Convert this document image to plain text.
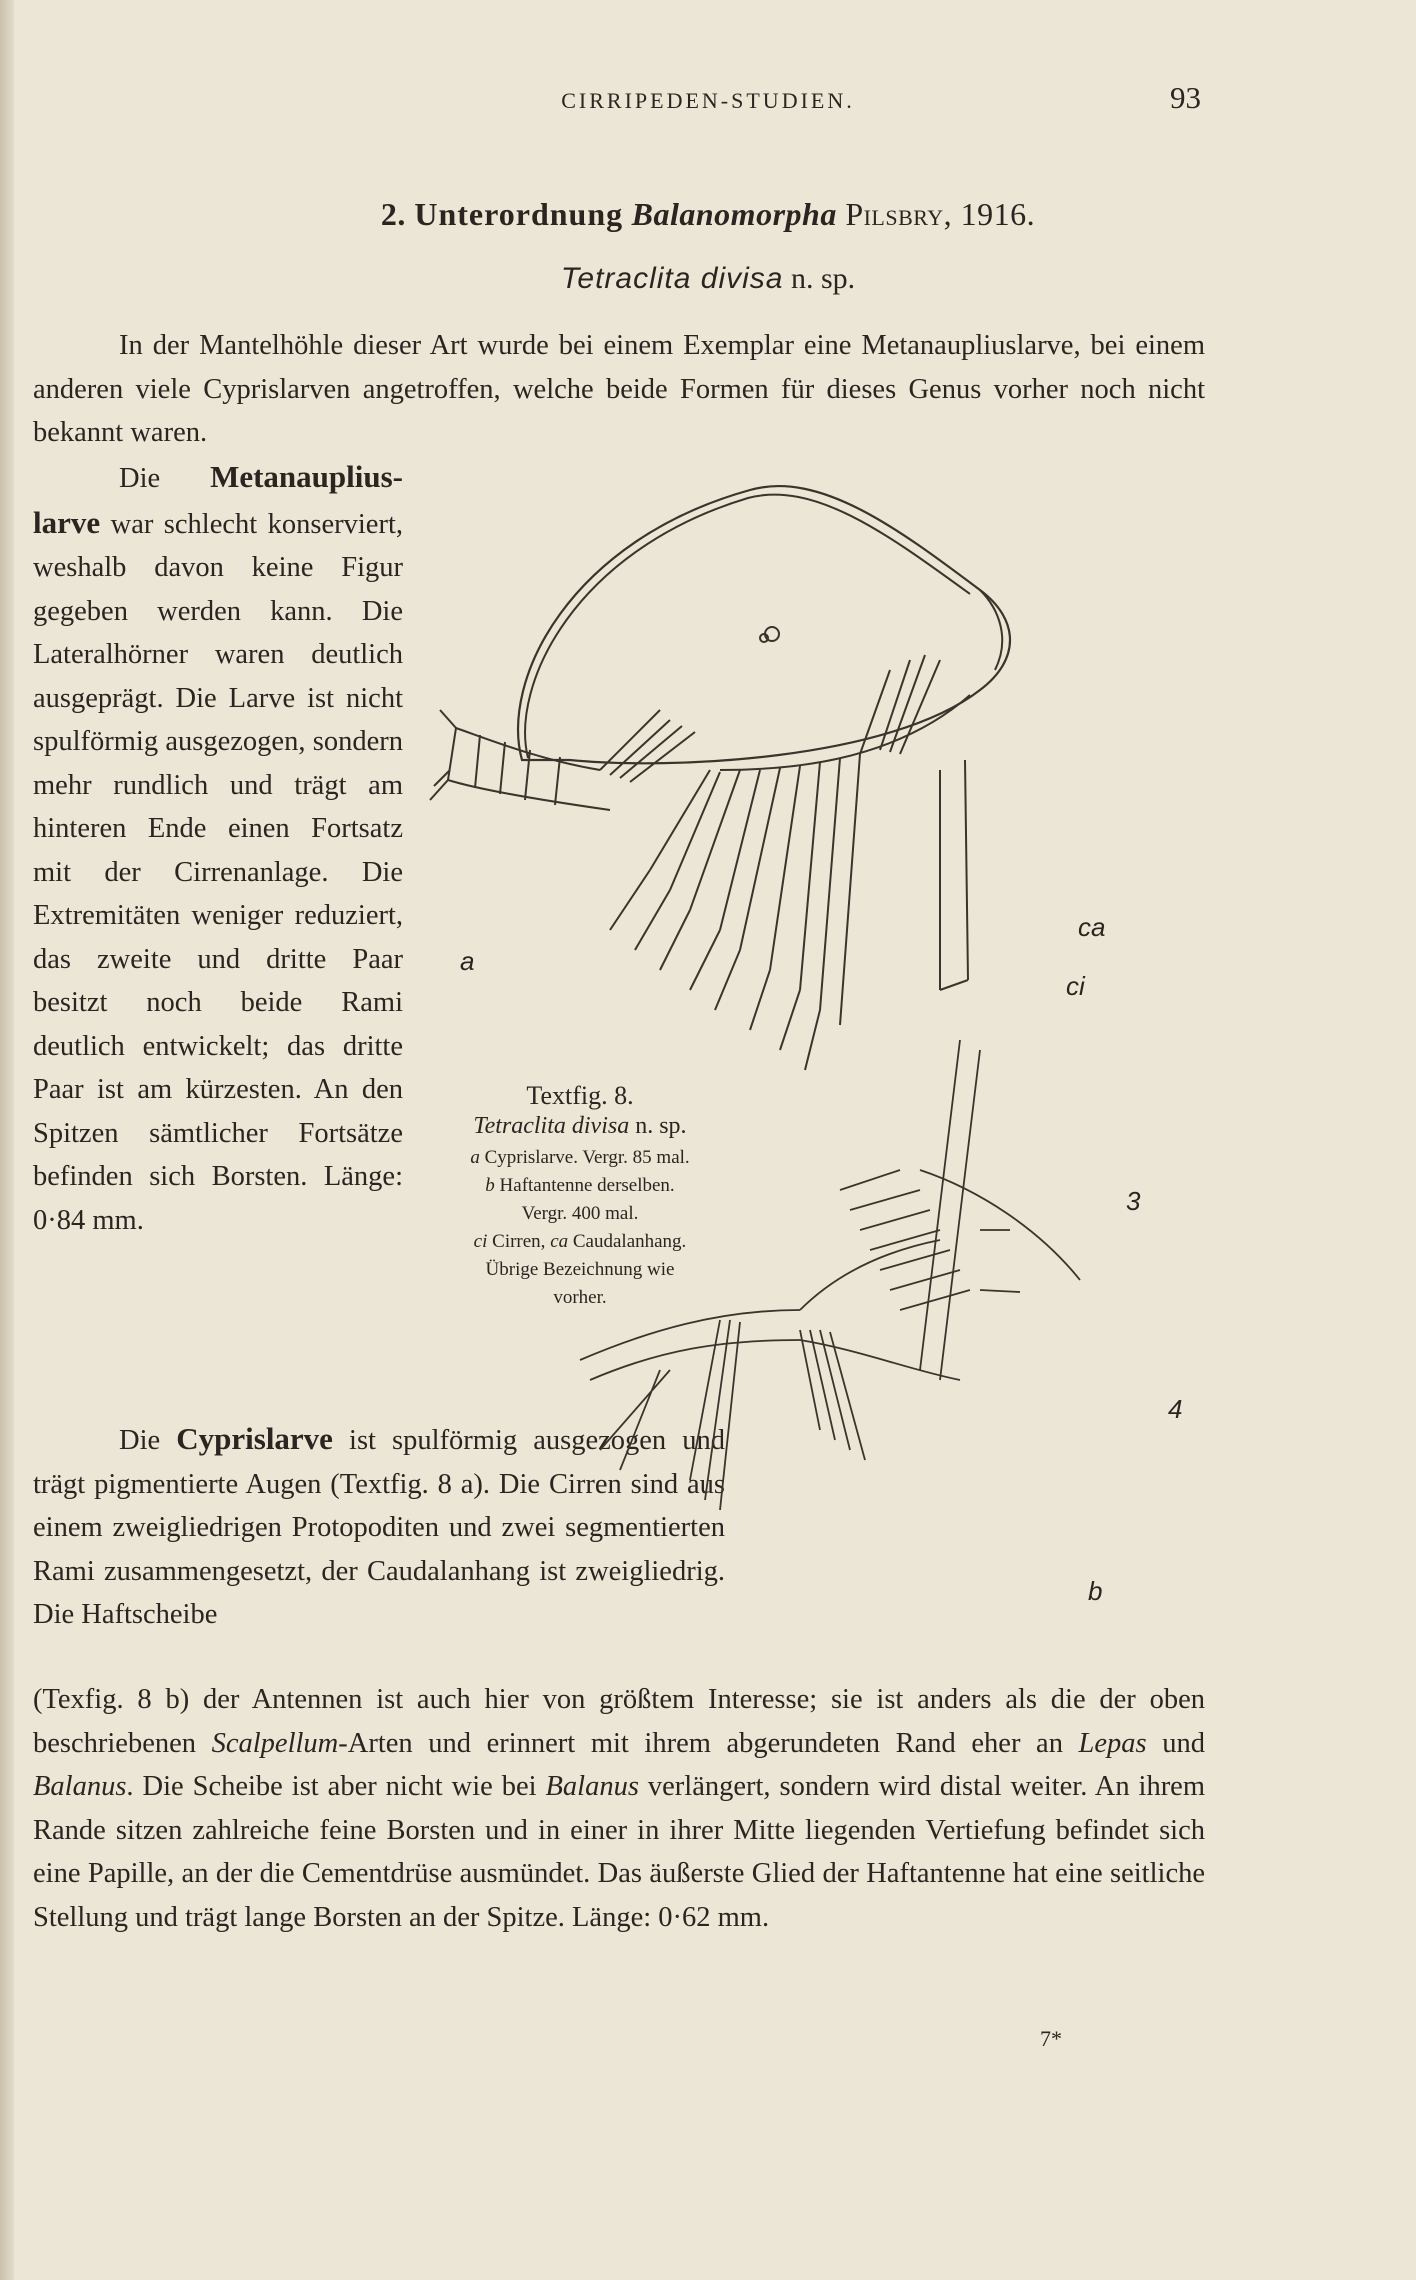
CIRRIPEDEN-STUDIEN.	93
2. Unterordnung Balanomorpha Pilsbry, 1916.
Tetraclita divisa n. sp.
In der Mantelhöhle dieser Art wurde bei einem Exemplar eine Metanaupliuslarve, bei einem anderen viele Cyprislarven angetroffen, welche beide Formen für dieses Genus vorher noch nicht bekannt waren.
Die Metanaupliuslarve war schlecht konserviert, weshalb davon keine Figur gegeben werden kann. Die Lateralhörner waren deutlich ausgeprägt. Die Larve ist nicht spulförmig ausgezogen, sondern mehr rundlich und trägt am hinteren Ende einen Fortsatz mit der Cirrenanlage. Die Extremitäten weniger reduziert, das zweite und dritte Paar besitzt noch beide Rami deutlich entwickelt; das dritte Paar ist am kürzesten. An den Spitzen sämtlicher Fortsätze befinden sich Borsten. Länge: 0·84 mm.
Die Cyprislarve ist spulförmig ausgezogen und trägt pigmentierte Augen (Textfig. 8 a). Die Cirren sind aus einem zweigliedrigen Protopoditen und zwei segmentierten Rami zusammengesetzt, der Caudalanhang ist zweigliedrig. Die Haftscheibe
(Texfig. 8 b) der Antennen ist auch hier von größtem Interesse; sie ist anders als die der oben beschriebenen Scalpellum-Arten und erinnert mit ihrem abgerundeten Rand eher an Lepas und Balanus. Die Scheibe ist aber nicht wie bei Balanus verlängert, sondern wird distal weiter. An ihrem Rande sitzen zahlreiche feine Borsten und in einer in ihrer Mitte liegenden Vertiefung befindet sich eine Papille, an der die Cementdrüse ausmündet. Das äußerste Glied der Haftantenne hat eine seitliche Stellung und trägt lange Borsten an der Spitze. Länge: 0·62 mm.
a
ca
ci
3
4
b
Textfig. 8.
Tetraclita divisa n. sp.
a Cyprislarve. Vergr. 85 mal.
b Haftantenne derselben.
Vergr. 400 mal.
ci Cirren, ca Caudalanhang.
Übrige Bezeichnung wie
vorher.
7*
